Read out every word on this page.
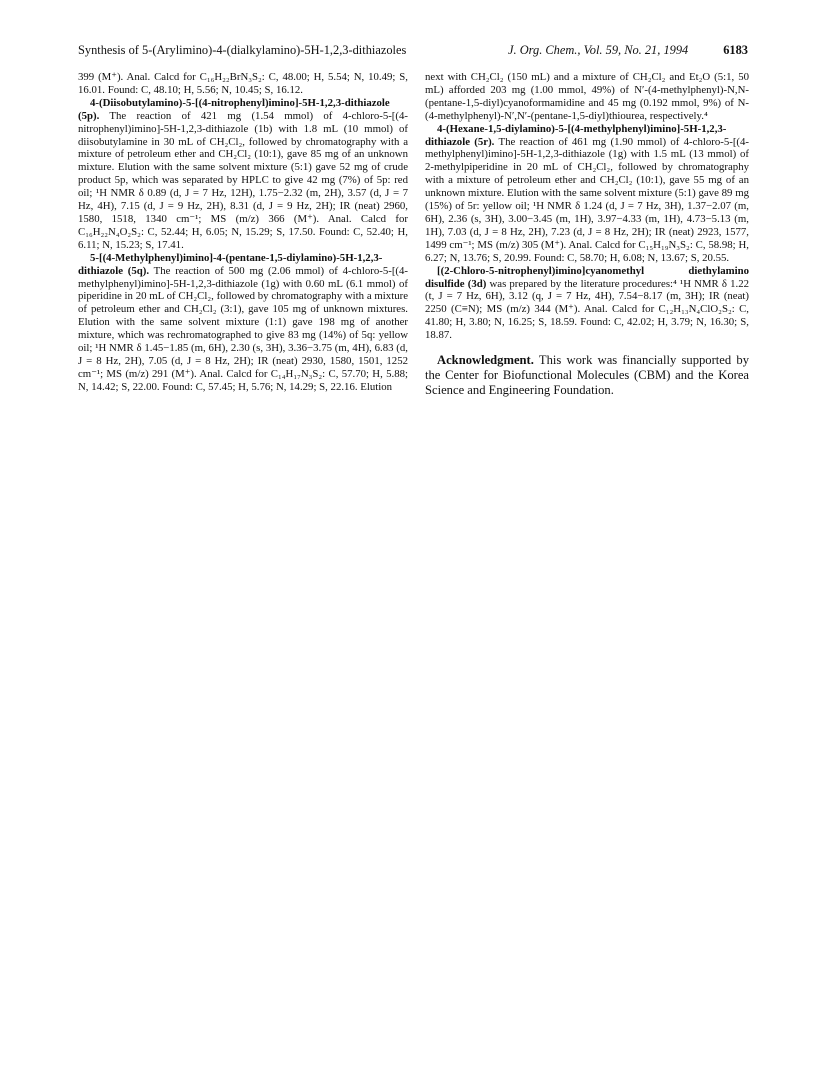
Synthesis of 5-(Arylimino)-4-(dialkylamino)-5H-1,2,3-dithiazoles	J. Org. Chem., Vol. 59, No. 21, 1994	6183

399 (M⁺). Anal. Calcd for C₁₆H₂₂BrN₃S₂: C, 48.00; H, 5.54; N, 10.49; S, 16.01. Found: C, 48.10; H, 5.56; N, 10.45; S, 16.12.

4-(Diisobutylamino)-5-[(4-nitrophenyl)imino]-5H-1,2,3-dithiazole (5p). The reaction of 421 mg (1.54 mmol) of 4-chloro-5-[(4-nitrophenyl)imino]-5H-1,2,3-dithiazole (1b) with 1.8 mL (10 mmol) of diisobutylamine in 30 mL of CH₂Cl₂, followed by chromatography with a mixture of petroleum ether and CH₂Cl₂ (10:1), gave 85 mg of an unknown mixture. Elution with the same solvent mixture (5:1) gave 52 mg of crude product 5p, which was separated by HPLC to give 42 mg (7%) of 5p: red oil; ¹H NMR δ 0.89 (d, J = 7 Hz, 12H), 1.75−2.32 (m, 2H), 3.57 (d, J = 7 Hz, 4H), 7.15 (d, J = 9 Hz, 2H), 8.31 (d, J = 9 Hz, 2H); IR (neat) 2960, 1580, 1518, 1340 cm⁻¹; MS (m/z) 366 (M⁺). Anal. Calcd for C₁₆H₂₂N₄O₂S₂: C, 52.44; H, 6.05; N, 15.29; S, 17.50. Found: C, 52.40; H, 6.11; N, 15.23; S, 17.41.

5-[(4-Methylphenyl)imino]-4-(pentane-1,5-diylamino)-5H-1,2,3-dithiazole (5q). The reaction of 500 mg (2.06 mmol) of 4-chloro-5-[(4-methylphenyl)imino]-5H-1,2,3-dithiazole (1g) with 0.60 mL (6.1 mmol) of piperidine in 20 mL of CH₂Cl₂, followed by chromatography with a mixture of petroleum ether and CH₂Cl₂ (3:1), gave 105 mg of unknown mixtures. Elution with the same solvent mixture (1:1) gave 198 mg of another mixture, which was rechromatographed to give 83 mg (14%) of 5q: yellow oil; ¹H NMR δ 1.45−1.85 (m, 6H), 2.30 (s, 3H), 3.36−3.75 (m, 4H), 6.83 (d, J = 8 Hz, 2H), 7.05 (d, J = 8 Hz, 2H); IR (neat) 2930, 1580, 1501, 1252 cm⁻¹; MS (m/z) 291 (M⁺). Anal. Calcd for C₁₄H₁₇N₃S₂: C, 57.70; H, 5.88; N, 14.42; S, 22.00. Found: C, 57.45; H, 5.76; N, 14.29; S, 22.16. Elution

next with CH₂Cl₂ (150 mL) and a mixture of CH₂Cl₂ and Et₂O (5:1, 50 mL) afforded 203 mg (1.00 mmol, 49%) of N′-(4-methylphenyl)-N,N-(pentane-1,5-diyl)cyanoformamidine and 45 mg (0.192 mmol, 9%) of N-(4-methylphenyl)-N′,N′-(pentane-1,5-diyl)thiourea, respectively.⁴

4-(Hexane-1,5-diylamino)-5-[(4-methylphenyl)imino]-5H-1,2,3-dithiazole (5r). The reaction of 461 mg (1.90 mmol) of 4-chloro-5-[(4-methylphenyl)imino]-5H-1,2,3-dithiazole (1g) with 1.5 mL (13 mmol) of 2-methylpiperidine in 20 mL of CH₂Cl₂, followed by chromatography with a mixture of petroleum ether and CH₂Cl₂ (10:1), gave 55 mg of an unknown mixture. Elution with the same solvent mixture (5:1) gave 89 mg (15%) of 5r: yellow oil; ¹H NMR δ 1.24 (d, J = 7 Hz, 3H), 1.37−2.07 (m, 6H), 2.36 (s, 3H), 3.00−3.45 (m, 1H), 3.97−4.33 (m, 1H), 4.73−5.13 (m, 1H), 7.03 (d, J = 8 Hz, 2H), 7.23 (d, J = 8 Hz, 2H); IR (neat) 2923, 1577, 1499 cm⁻¹; MS (m/z) 305 (M⁺). Anal. Calcd for C₁₅H₁₉N₃S₂: C, 58.98; H, 6.27; N, 13.76; S, 20.99. Found: C, 58.70; H, 6.08; N, 13.67; S, 20.55.

[(2-Chloro-5-nitrophenyl)imino]cyanomethyl diethylamino disulfide (3d) was prepared by the literature procedures:⁴ ¹H NMR δ 1.22 (t, J = 7 Hz, 6H), 3.12 (q, J = 7 Hz, 4H), 7.54−8.17 (m, 3H); IR (neat) 2250 (C≡N); MS (m/z) 344 (M⁺). Anal. Calcd for C₁₂H₁₃N₄ClO₂S₂: C, 41.80; H, 3.80; N, 16.25; S, 18.59. Found: C, 42.02; H, 3.79; N, 16.30; S, 18.87.

Acknowledgment. This work was financially supported by the Center for Biofunctional Molecules (CBM) and the Korea Science and Engineering Foundation.
